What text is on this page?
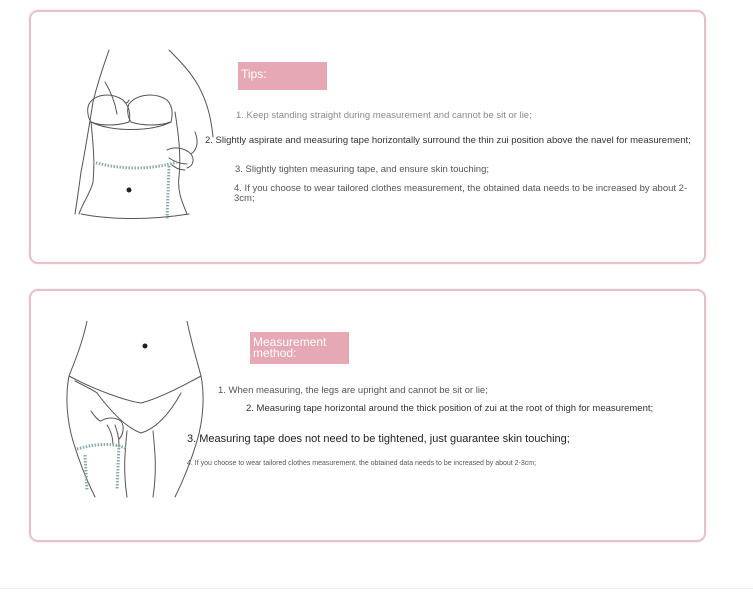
Tips:
1. Keep standing straight during measurement and cannot be sit or lie;
2. Slightly aspirate and measuring tape horizontally surround the thin zui position above the navel for measurement;
3. Slightly tighten measuring tape, and ensure skin touching;
4. If you choose to wear tailored clothes measurement, the obtained data needs to be increased by about 2-3cm;
Measurement method:
1. When measuring, the legs are upright and cannot be sit or lie;
2. Measuring tape horizontal around the thick position of zui at the root of thigh for measurement;
3. Measuring tape does not need to be tightened, just guarantee skin touching;
4. If you choose to wear tailored clothes measurement, the obtained data needs to be increased by about 2-3cm;
